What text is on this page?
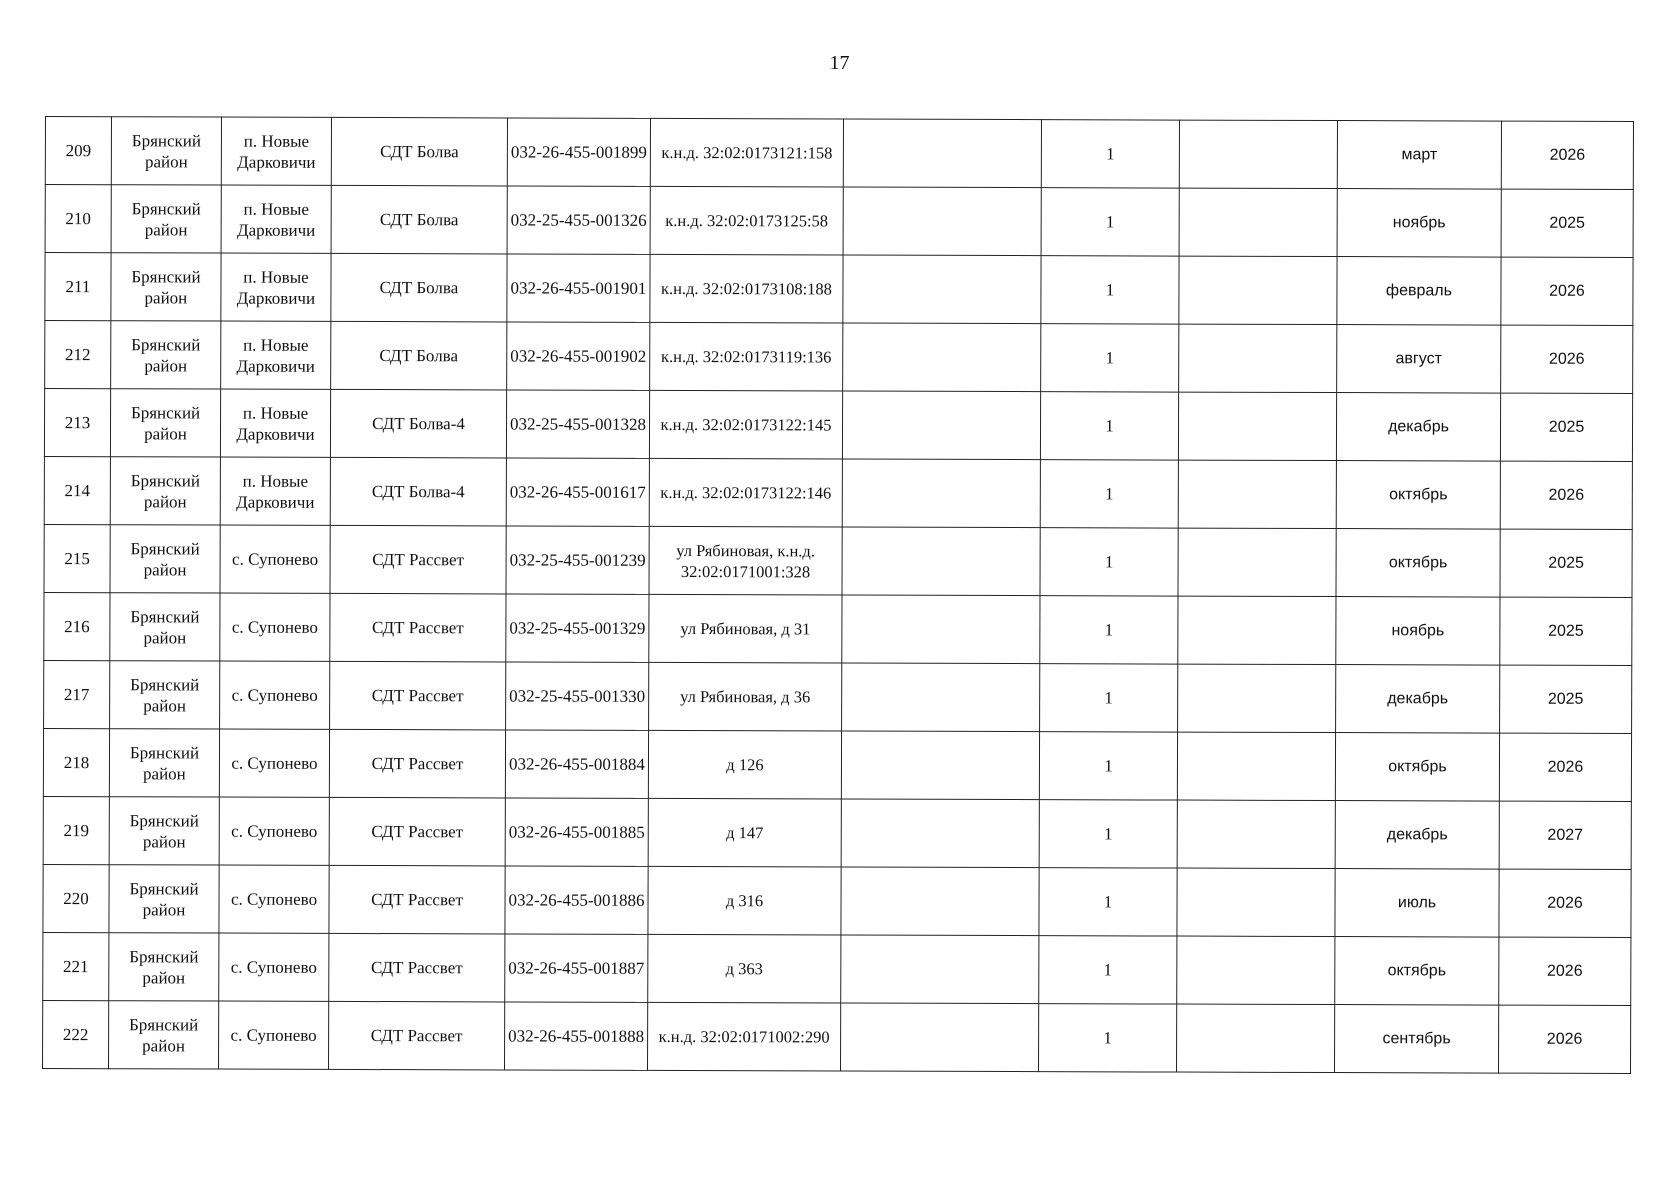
17
209	Брянский район	п. Новые Дарковичи	СДТ Болва	032-26-455-001899	к.н.д. 32:02:0173121:158		1		март	2026
210	Брянский район	п. Новые Дарковичи	СДТ Болва	032-25-455-001326	к.н.д. 32:02:0173125:58		1		ноябрь	2025
211	Брянский район	п. Новые Дарковичи	СДТ Болва	032-26-455-001901	к.н.д. 32:02:0173108:188		1		февраль	2026
212	Брянский район	п. Новые Дарковичи	СДТ Болва	032-26-455-001902	к.н.д. 32:02:0173119:136		1		август	2026
213	Брянский район	п. Новые Дарковичи	СДТ Болва-4	032-25-455-001328	к.н.д. 32:02:0173122:145		1		декабрь	2025
214	Брянский район	п. Новые Дарковичи	СДТ Болва-4	032-26-455-001617	к.н.д. 32:02:0173122:146		1		октябрь	2026
215	Брянский район	с. Супонево	СДТ Рассвет	032-25-455-001239	ул Рябиновая, к.н.д. 32:02:0171001:328		1		октябрь	2025
216	Брянский район	с. Супонево	СДТ Рассвет	032-25-455-001329	ул Рябиновая, д 31		1		ноябрь	2025
217	Брянский район	с. Супонево	СДТ Рассвет	032-25-455-001330	ул Рябиновая, д 36		1		декабрь	2025
218	Брянский район	с. Супонево	СДТ Рассвет	032-26-455-001884	д 126		1		октябрь	2026
219	Брянский район	с. Супонево	СДТ Рассвет	032-26-455-001885	д 147		1		декабрь	2027
220	Брянский район	с. Супонево	СДТ Рассвет	032-26-455-001886	д 316		1		июль	2026
221	Брянский район	с. Супонево	СДТ Рассвет	032-26-455-001887	д 363		1		октябрь	2026
222	Брянский район	с. Супонево	СДТ Рассвет	032-26-455-001888	к.н.д. 32:02:0171002:290		1		сентябрь	2026
